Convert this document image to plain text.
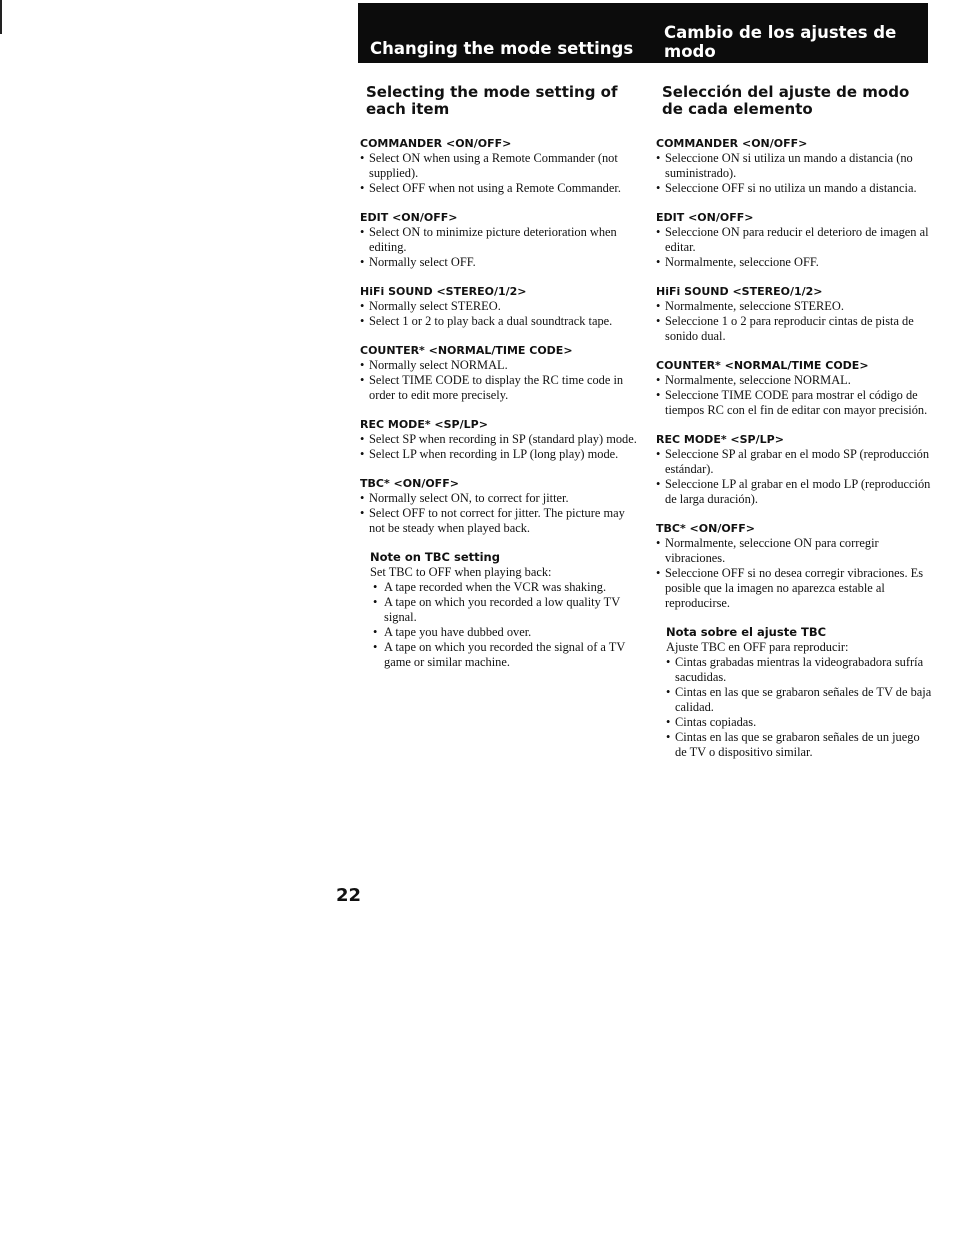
Changing the mode settings
Cambio de los ajustes de modo
Selecting the mode setting of each item

COMMANDER <ON/OFF>

• Select ON when using a Remote Commander (not supplied).
• Select OFF when not using a Remote Commander.

EDIT <ON/OFF>

• Select ON to minimize picture deterioration when editing.
• Normally select OFF.

HiFi SOUND <STEREO/1/2>

• Normally select STEREO.
• Select 1 or 2 to play back a dual soundtrack tape.

COUNTER* <NORMAL/TIME CODE>

• Normally select NORMAL.
• Select TIME CODE to display the RC time code in order to edit more precisely.

REC MODE* <SP/LP>

• Select SP when recording in SP (standard play) mode.
• Select LP when recording in LP (long play) mode.

TBC* <ON/OFF>

• Normally select ON, to correct for jitter.
• Select OFF to not correct for jitter. The picture may not be steady when played back.

Note on TBC setting

Set TBC to OFF when playing back:

• A tape recorded when the VCR was shaking.
• A tape on which you recorded a low quality TV signal.
• A tape you have dubbed over.
• A tape on which you recorded the signal of a TV game or similar machine.
Selección del ajuste de modo de cada elemento

COMMANDER <ON/OFF>

• Seleccione ON si utiliza un mando a distancia (no suministrado).
• Seleccione OFF si no utiliza un mando a distancia.

EDIT <ON/OFF>

• Seleccione ON para reducir el deterioro de imagen al editar.
• Normalmente, seleccione OFF.

HiFi SOUND <STEREO/1/2>

• Normalmente, seleccione STEREO.
• Seleccione 1 o 2 para reproducir cintas de pista de sonido dual.

COUNTER* <NORMAL/TIME CODE>

• Normalmente, seleccione NORMAL.
• Seleccione TIME CODE para mostrar el código de tiempos RC con el fin de editar con mayor precisión.

REC MODE* <SP/LP>

• Seleccione SP al grabar en el modo SP (reproducción estándar).
• Seleccione LP al grabar en el modo LP (reproducción de larga duración).

TBC* <ON/OFF>

• Normalmente, seleccione ON para corregir vibraciones.
• Seleccione OFF si no desea corregir vibraciones. Es posible que la imagen no aparezca estable al reproducirse.

Nota sobre el ajuste TBC

Ajuste TBC en OFF para reproducir:

• Cintas grabadas mientras la videograbadora sufría sacudidas.
• Cintas en las que se grabaron señales de TV de baja calidad.
• Cintas copiadas.
• Cintas en las que se grabaron señales de un juego de TV o dispositivo similar.
22
